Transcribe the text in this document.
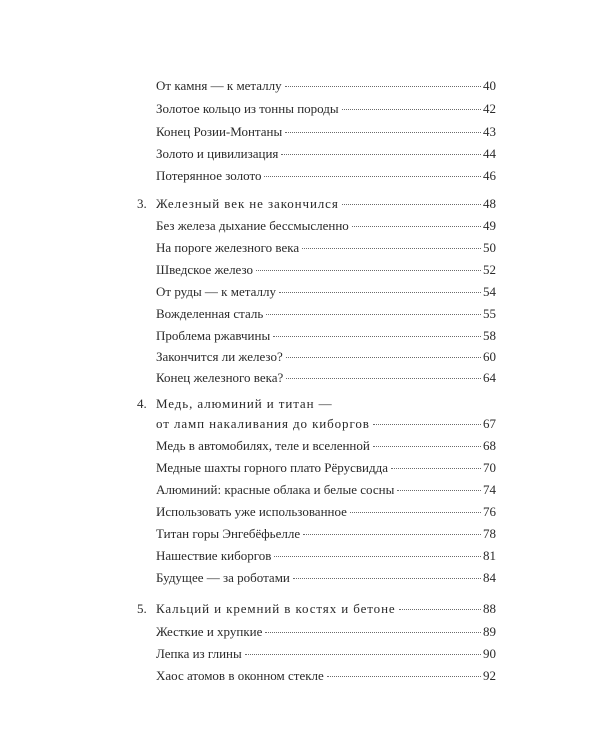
От камня — к металлу	40
Золотое кольцо из тонны породы	42
Конец Розии-Монтаны	43
Золото и цивилизация	44
Потерянное золото	46
3. Железный век не закончился	48
Без железа дыхание бессмысленно	49
На пороге железного века	50
Шведское железо	52
От руды — к металлу	54
Вожделенная сталь	55
Проблема ржавчины	58
Закончится ли железо?	60
Конец железного века?	64
4. Медь, алюминий и титан —
от ламп накаливания до киборгов	67
Медь в автомобилях, теле и вселенной	68
Медные шахты горного плато Рёрусвидда	70
Алюминий: красные облака и белые сосны	74
Использовать уже использованное	76
Титан горы Энгебёфьелле	78
Нашествие киборгов	81
Будущее — за роботами	84
5. Кальций и кремний в костях и бетоне	88
Жесткие и хрупкие	89
Лепка из глины	90
Хаос атомов в оконном стекле	92
